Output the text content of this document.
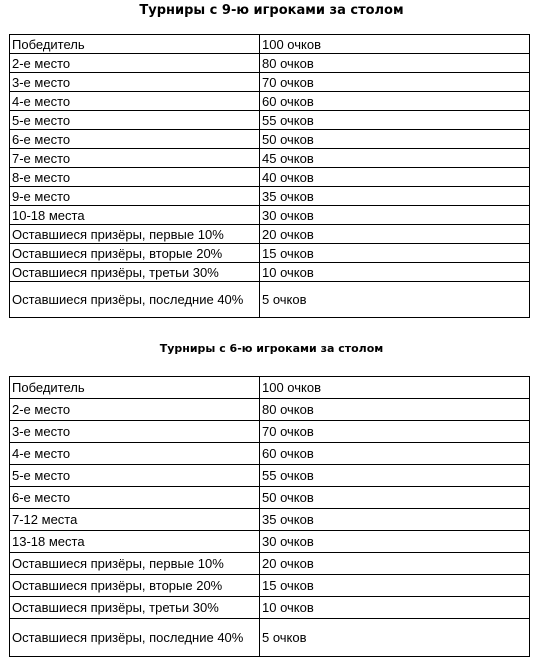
Турниры с 9-ю игроками за столом
Победитель	100 очков
2-е место	80 очков
3-е место	70 очков
4-е место	60 очков
5-е место	55 очков
6-е место	50 очков
7-е место	45 очков
8-е место	40 очков
9-е место	35 очков
10-18 места	30 очков
Оставшиеся призёры, первые 10%	20 очков
Оставшиеся призёры, вторые 20%	15 очков
Оставшиеся призёры, третьи 30%	10 очков
Оставшиеся призёры, последние 40%	5 очков
Турниры с 6-ю игроками за столом
Победитель	100 очков
2-е место	80 очков
3-е место	70 очков
4-е место	60 очков
5-е место	55 очков
6-е место	50 очков
7-12 места	35 очков
13-18 места	30 очков
Оставшиеся призёры, первые 10%	20 очков
Оставшиеся призёры, вторые 20%	15 очков
Оставшиеся призёры, третьи 30%	10 очков
Оставшиеся призёры, последние 40%	5 очков
